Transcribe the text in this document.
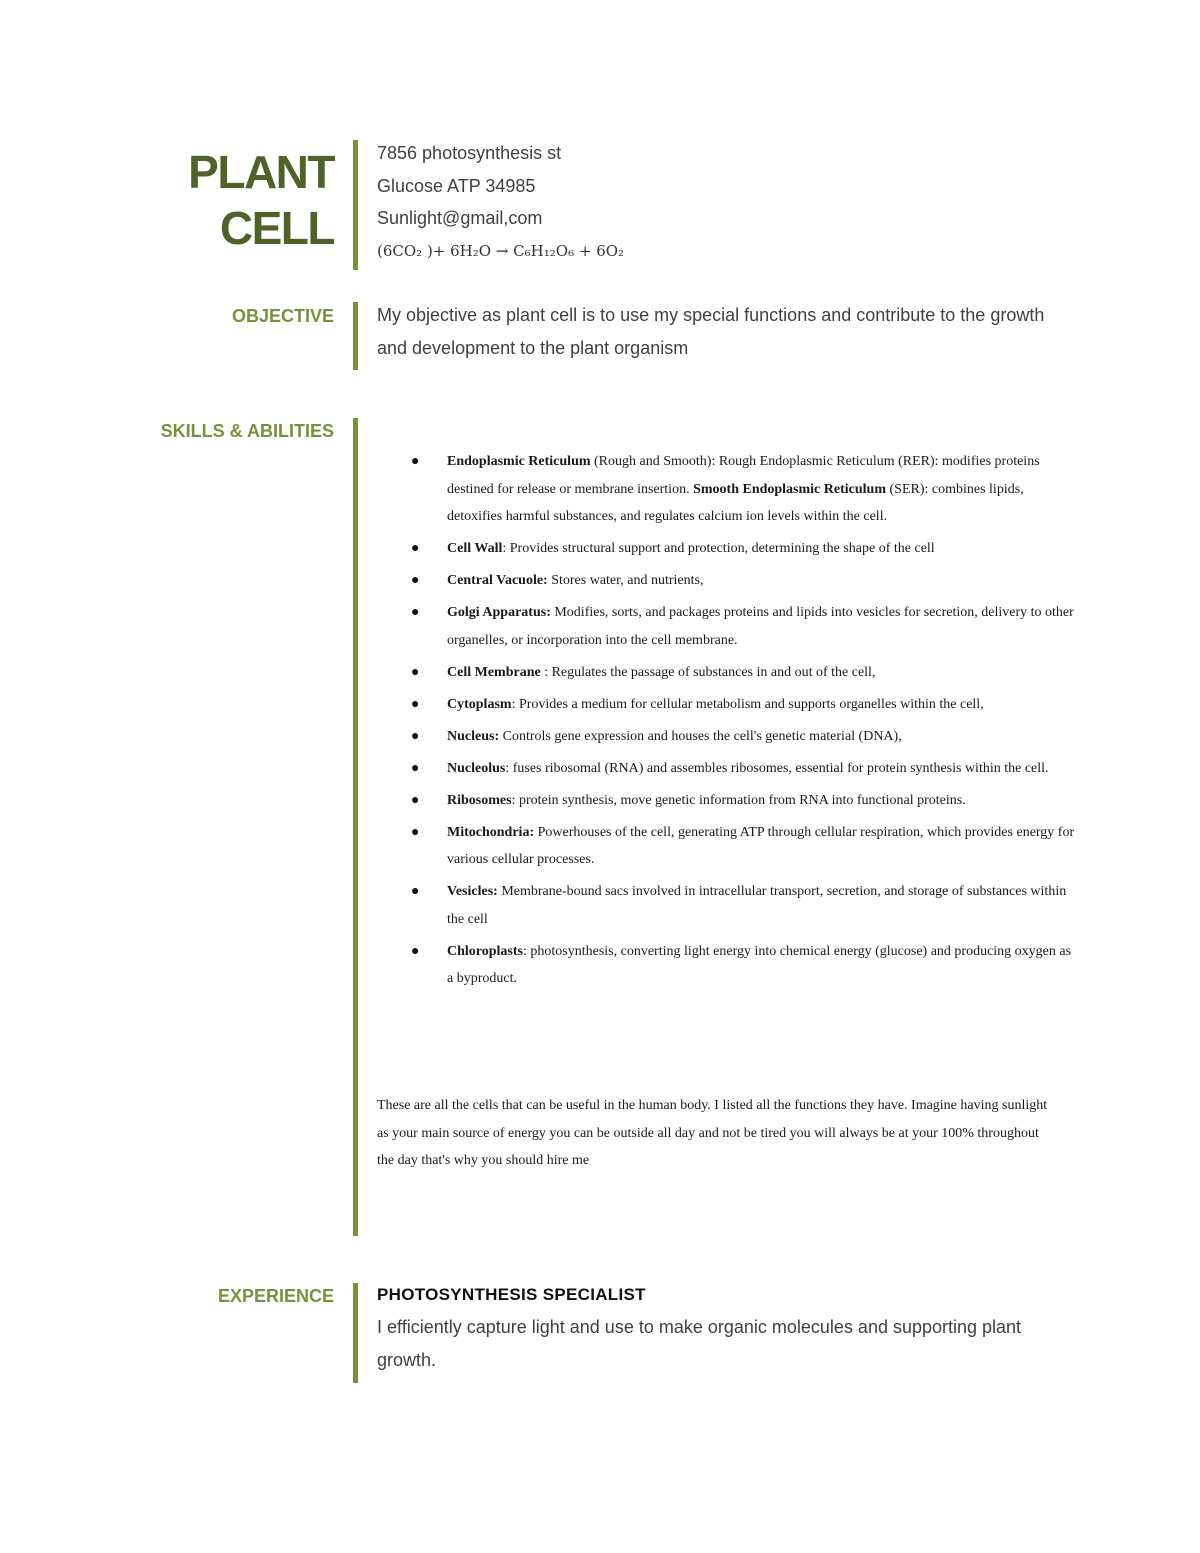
PLANT
CELL
7856 photosynthesis st
Glucose ATP 34985
Sunlight@gmail,com
(6CO₂ )+ 6H₂O → C₆H₁₂O₆ + 6O₂
OBJECTIVE My objective as plant cell is to use my special functions and contribute to the growth and development to the plant organism
SKILLS & ABILITIES
● Endoplasmic Reticulum (Rough and Smooth): Rough Endoplasmic Reticulum (RER): modifies proteins destined for release or membrane insertion. Smooth Endoplasmic Reticulum (SER): combines lipids, detoxifies harmful substances, and regulates calcium ion levels within the cell.
● Cell Wall: Provides structural support and protection, determining the shape of the cell
● Central Vacuole: Stores water, and nutrients,
● Golgi Apparatus: Modifies, sorts, and packages proteins and lipids into vesicles for secretion, delivery to other organelles, or incorporation into the cell membrane.
● Cell Membrane : Regulates the passage of substances in and out of the cell,
● Cytoplasm: Provides a medium for cellular metabolism and supports organelles within the cell,
● Nucleus: Controls gene expression and houses the cell's genetic material (DNA),
● Nucleolus: fuses ribosomal (RNA) and assembles ribosomes, essential for protein synthesis within the cell.
● Ribosomes: protein synthesis, move genetic information from RNA into functional proteins.
● Mitochondria: Powerhouses of the cell, generating ATP through cellular respiration, which provides energy for various cellular processes.
● Vesicles: Membrane-bound sacs involved in intracellular transport, secretion, and storage of substances within the cell
● Chloroplasts: photosynthesis, converting light energy into chemical energy (glucose) and producing oxygen as a byproduct.
These are all the cells that can be useful in the human body. I listed all the functions they have. Imagine having sunlight as your main source of energy you can be outside all day and not be tired you will always be at your 100% throughout the day that's why you should hire me
EXPERIENCE	PHOTOSYNTHESIS SPECIALIST
I efficiently capture light and use to make organic molecules and supporting plant growth.
